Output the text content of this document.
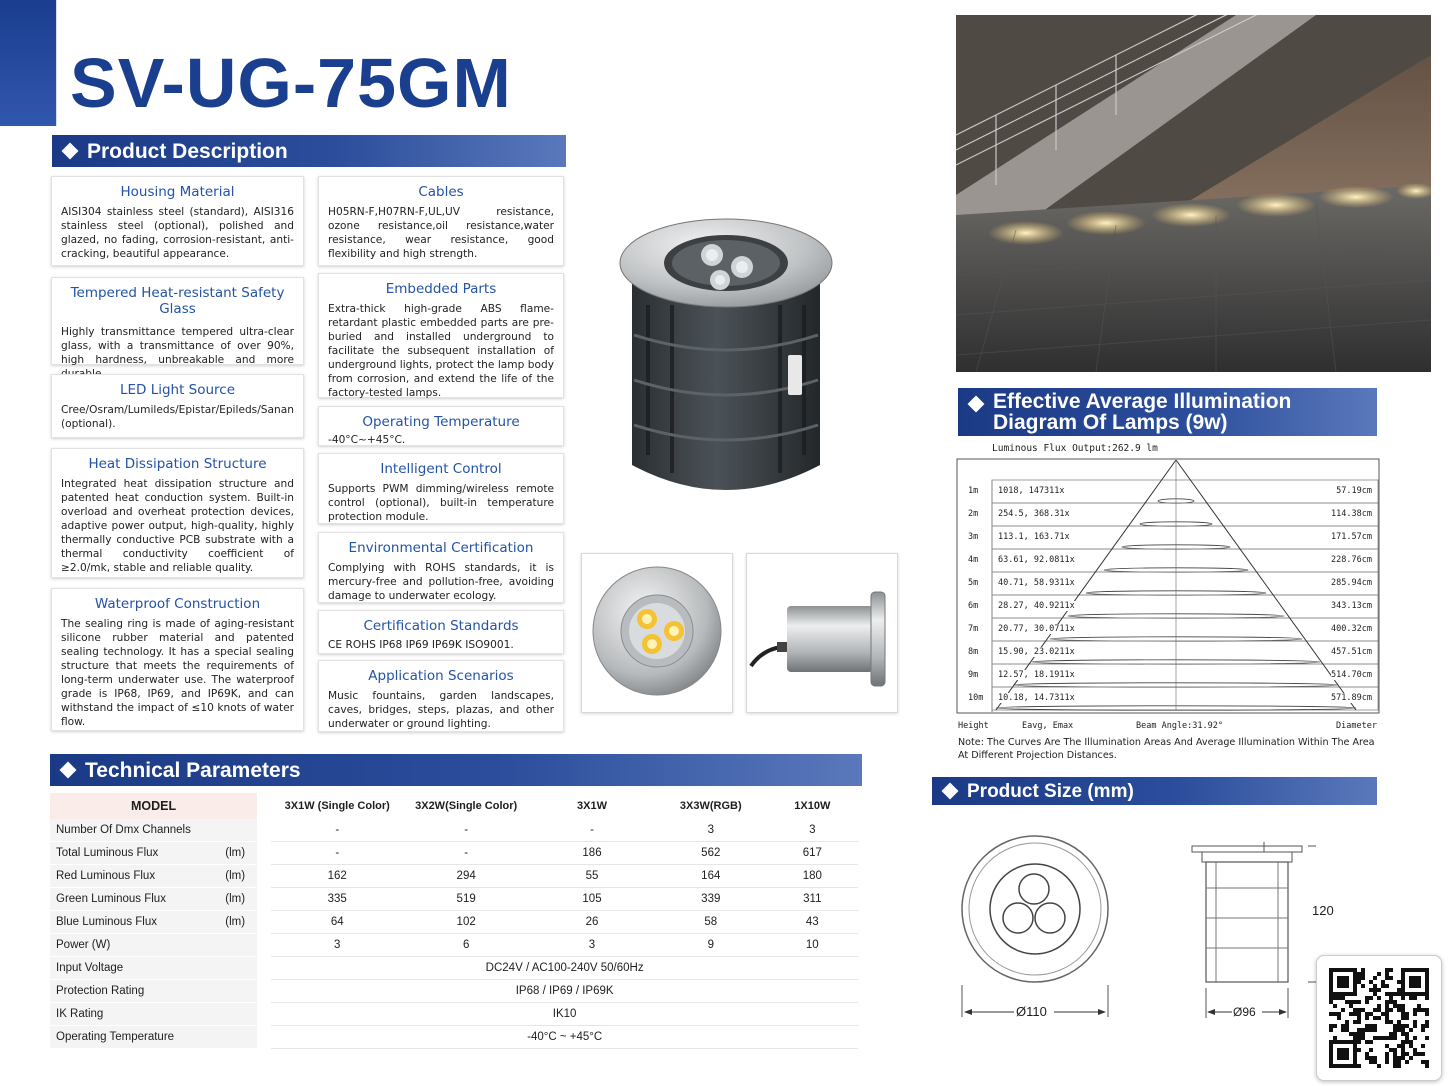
SV-UG-75GM
Product Description
Housing Material

AISI304 stainless steel (standard), AISI316 stainless steel (optional), polished and glazed, no fading, corrosion-resistant, anti-cracking, beautiful appearance.

Tempered Heat-resistant Safety Glass

Highly transmittance tempered ultra-clear glass, with a transmittance of over 90%, high hardness, unbreakable and more

LED Light Source

Cree/Osram/Lumileds/Epistar/Epileds/Sanan (optional).

Heat Dissipation Structure

Integrated heat dissipation structure and patented heat conduction system. Built-in overload and overheat protection devices, adaptive power output, high-quality, highly thermally conductive PCB substrate with a thermal conductivity coefficient of ≥2.0/mk, stable and reliable quality.

Waterproof Construction

The sealing ring is made of aging-resistant silicone rubber material and patented sealing technology. It has a special sealing structure that meets the requirements of long-term underwater use. The waterproof grade is IP68, IP69, and IP69K, and can withstand the impact of ≤10 knots of water flow.

Cables

H05RN-F,H07RN-F,UL,UV resistance, ozone resistance,oil resistance,water resistance, wear resistance, good flexibility and high strength.

Embedded Parts

Extra-thick high-grade ABS flame-retardant plastic embedded parts are pre-buried and installed underground to facilitate the subsequent installation of underground lights, protect the lamp body from corrosion, and extend the life of the factory-tested lamps.

Operating Temperature

-40°C~+45°C.

Intelligent Control

Supports PWM dimming/wireless remote control (optional), built-in temperature protection module.

Environmental Certification

Complying with ROHS standards, it is mercury-free and pollution-free, avoiding damage to underwater ecology.

Certification Standards

CE ROHS IP68 IP69 IP69K ISO9001.

Application Scenarios

Music fountains, garden landscapes, caves, bridges, steps, plazas, and other underwater or ground lighting.

Effective Average Illumination
Diagram Of Lamps (9w)
Luminous Flux Output:262.9 lm
1m 1018, 147311x	57.19cm
2m 254.5, 368.31x	114.38cm
3m 113.1, 163.71x	171.57cm
4m 63.61, 92.0811x	228.76cm
5m 40.71, 58.9311x	285.94cm
6m 28.27, 40.9211x	343.13cm
7m 20.77, 30.0711x	400.32cm
8m 15.90, 23.0211x	457.51cm
9m 12.57, 18.1911x	514.70cm
10m 10.18, 14.7311x	571.89cm
Height	Eavg, Emax	Beam Angle:31.92°	Diameter
Note: The Curves Are The Illumination Areas And Average Illumination Within The Area At Different Projection Distances.
Product Size (mm)
Ø110	Ø96
120
Technical Parameters
MODEL		3X1W (Single Color)	3X2W(Single Color)	3X1W	3X3W(RGB)	1X10W
Number Of Dmx Channels		-	-	-	3	3
Total Luminous Flux (lm)		-	-	186	562	617
Red Luminous Flux (lm)		162	294	55	164	180
Green Luminous Flux (lm)		335	519	105	339	311
Blue Luminous Flux (lm)		64	102	26	58	43
Power (W)		3	6	3	9	10
Input Voltage		DC24V / AC100-240V 50/60Hz				
Protection Rating		IP68 / IP69 / IP69K				
IK Rating		IK10				
Operating Temperature		-40°C ~ +45°C				
